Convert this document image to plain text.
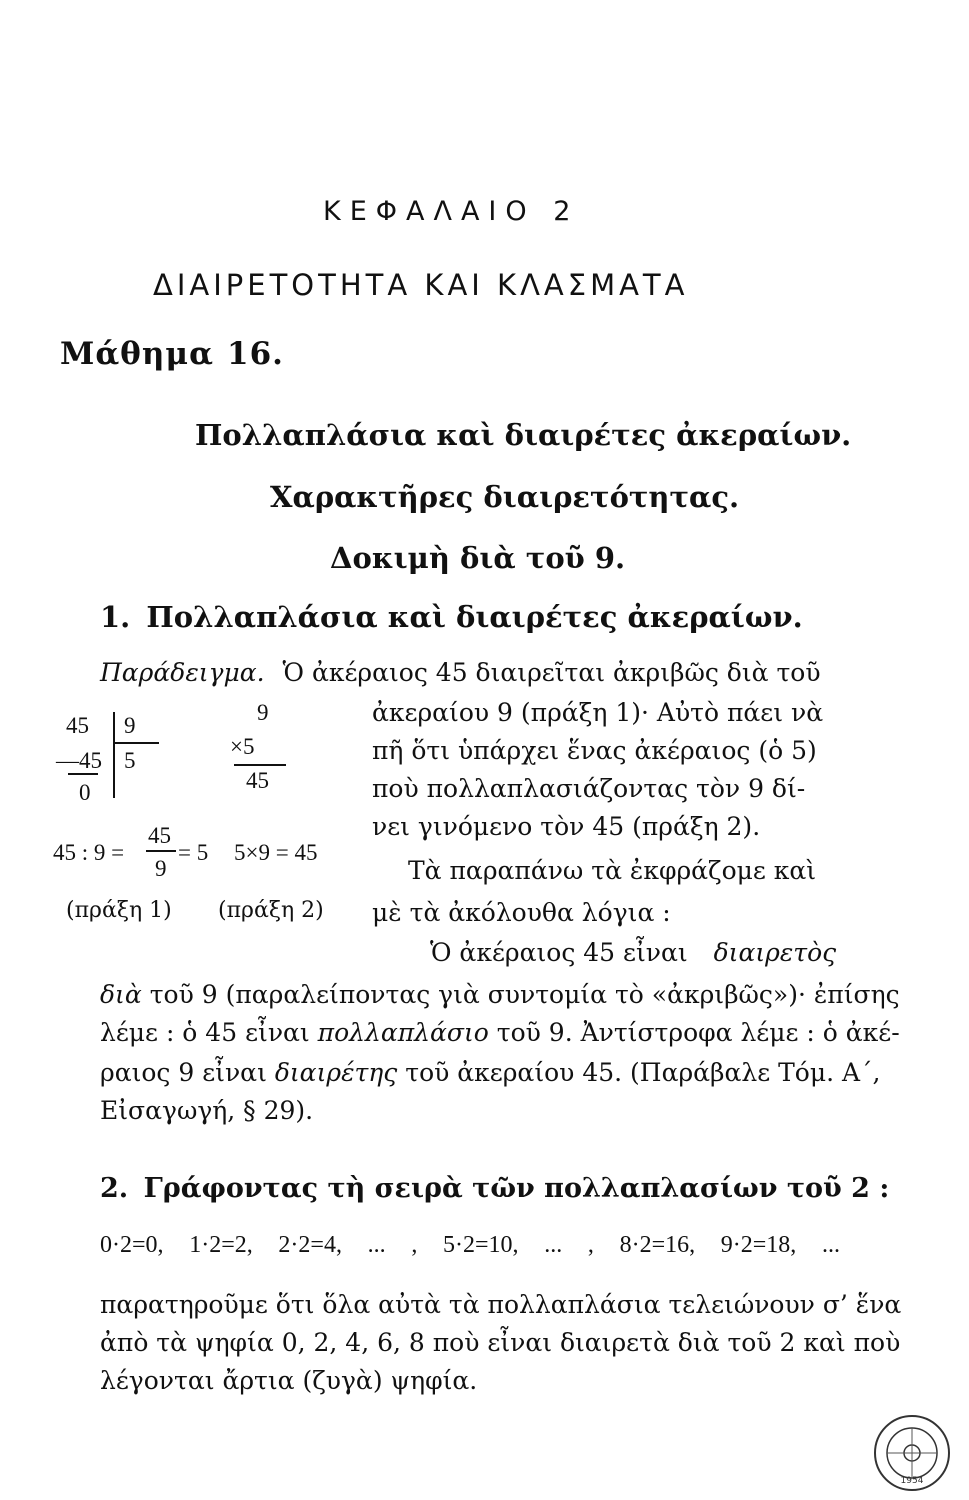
ΚΕΦΑΛΑΙΟ 2
ΔΙΑΙΡΕΤΟΤΗΤΑ ΚΑΙ ΚΛΑΣΜΑΤΑ
Μάθημα 16.
Πολλαπλάσια καὶ διαιρέτες ἀκεραίων.
Χαρακτῆρες διαιρετότητας.
Δοκιμὴ διὰ τοῦ 9.
1. Πολλαπλάσια καὶ διαιρέτες ἀκεραίων.
Παράδειγμα. Ὁ ἀκέραιος 45 διαιρεῖται ἀκριβῶς διὰ τοῦ
ἀκεραίου 9 (πράξη 1)· Αὐτὸ πάει νὰ
πῆ ὅτι ὑπάρχει ἕνας ἀκέραιος (ὁ 5)
ποὺ πολλαπλασιάζοντας τὸν 9 δί-
νει γινόμενο τὸν 45 (πράξη 2).
Τὰ παραπάνω τὰ ἐκφράζομε καὶ
μὲ τὰ ἀκόλουθα λόγια :
45 9
—45 5
0
9
×5
45
45 : 9 =
45
9
= 5 5×9 = 45
(πράξη 1) (πράξη 2)
Ὁ ἀκέραιος 45 εἶναι διαιρετὸς
διὰ τοῦ 9 (παραλείποντας γιὰ συντομία τὸ «ἀκριβῶς»)· ἐπίσης
λέμε : ὁ 45 εἶναι πολλαπλάσιο τοῦ 9. Ἀντίστροφα λέμε : ὁ ἀκέ-
ραιος 9 εἶναι διαιρέτης τοῦ ἀκεραίου 45. (Παράβαλε Τόμ. Α΄,
Εἰσαγωγή, § 29).
2. Γράφοντας τὴ σειρὰ τῶν πολλαπλασίων τοῦ 2 :
0·2=0, 1·2=2, 2·2=4, ... , 5·2=10, ... , 8·2=16, 9·2=18, ...
παρατηροῦμε ὅτι ὅλα αὐτὰ τὰ πολλαπλάσια τελειώνουν σ’ ἕνα
ἀπὸ τὰ ψηφία 0, 2, 4, 6, 8 ποὺ εἶναι διαιρετὰ διὰ τοῦ 2 καὶ ποὺ
λέγονται ἄρτια (ζυγὰ) ψηφία.
1954
